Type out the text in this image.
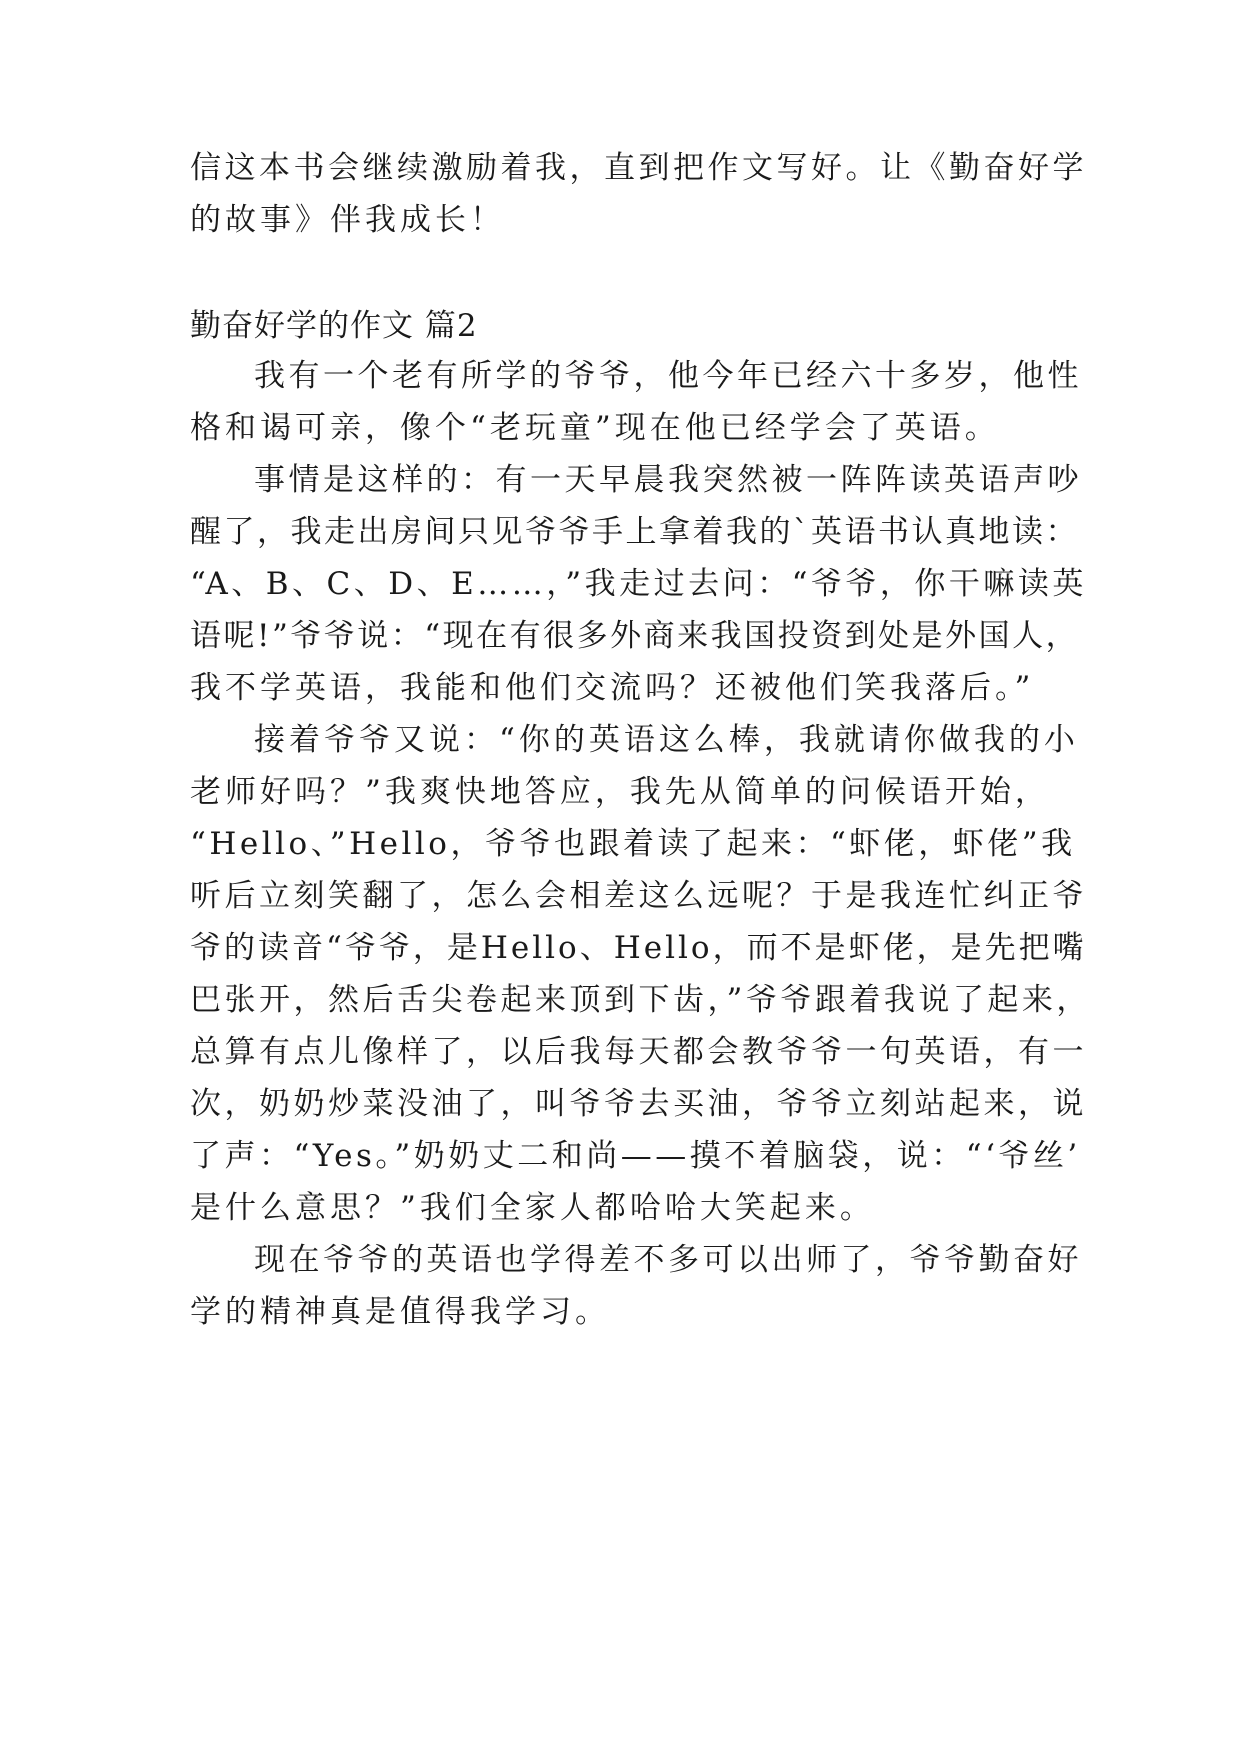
信这本书会继续激励着我，直到把作文写好。让《勤奋好学
的故事》伴我成长！
勤奋好学的作文 篇2
我有一个老有所学的爷爷，他今年已经六十多岁，他性
格和谒可亲，像个“老玩童”现在他已经学会了英语。
事情是这样的：有一天早晨我突然被一阵阵读英语声吵
醒了，我走出房间只见爷爷手上拿着我的`英语书认真地读：
“A、B、C、D、E……，”我走过去问：“爷爷，你干嘛读英
语呢!”爷爷说：“现在有很多外商来我国投资到处是外国人，
我不学英语，我能和他们交流吗？还被他们笑我落后。”
接着爷爷又说：“你的英语这么棒，我就请你做我的小
老师好吗？”我爽快地答应，我先从简单的问候语开始，
“Hello、”Hello，爷爷也跟着读了起来：“虾佬，虾佬”我
听后立刻笑翻了，怎么会相差这么远呢？于是我连忙纠正爷
爷的读音“爷爷，是Hello、Hello，而不是虾佬，是先把嘴
巴张开，然后舌尖卷起来顶到下齿，”爷爷跟着我说了起来，
总算有点儿像样了，以后我每天都会教爷爷一句英语，有一
次，奶奶炒菜没油了，叫爷爷去买油，爷爷立刻站起来，说
了声：“Yes。”奶奶丈二和尚——摸不着脑袋，说：“‘爷丝’
是什么意思？”我们全家人都哈哈大笑起来。
现在爷爷的英语也学得差不多可以出师了，爷爷勤奋好
学的精神真是值得我学习。
